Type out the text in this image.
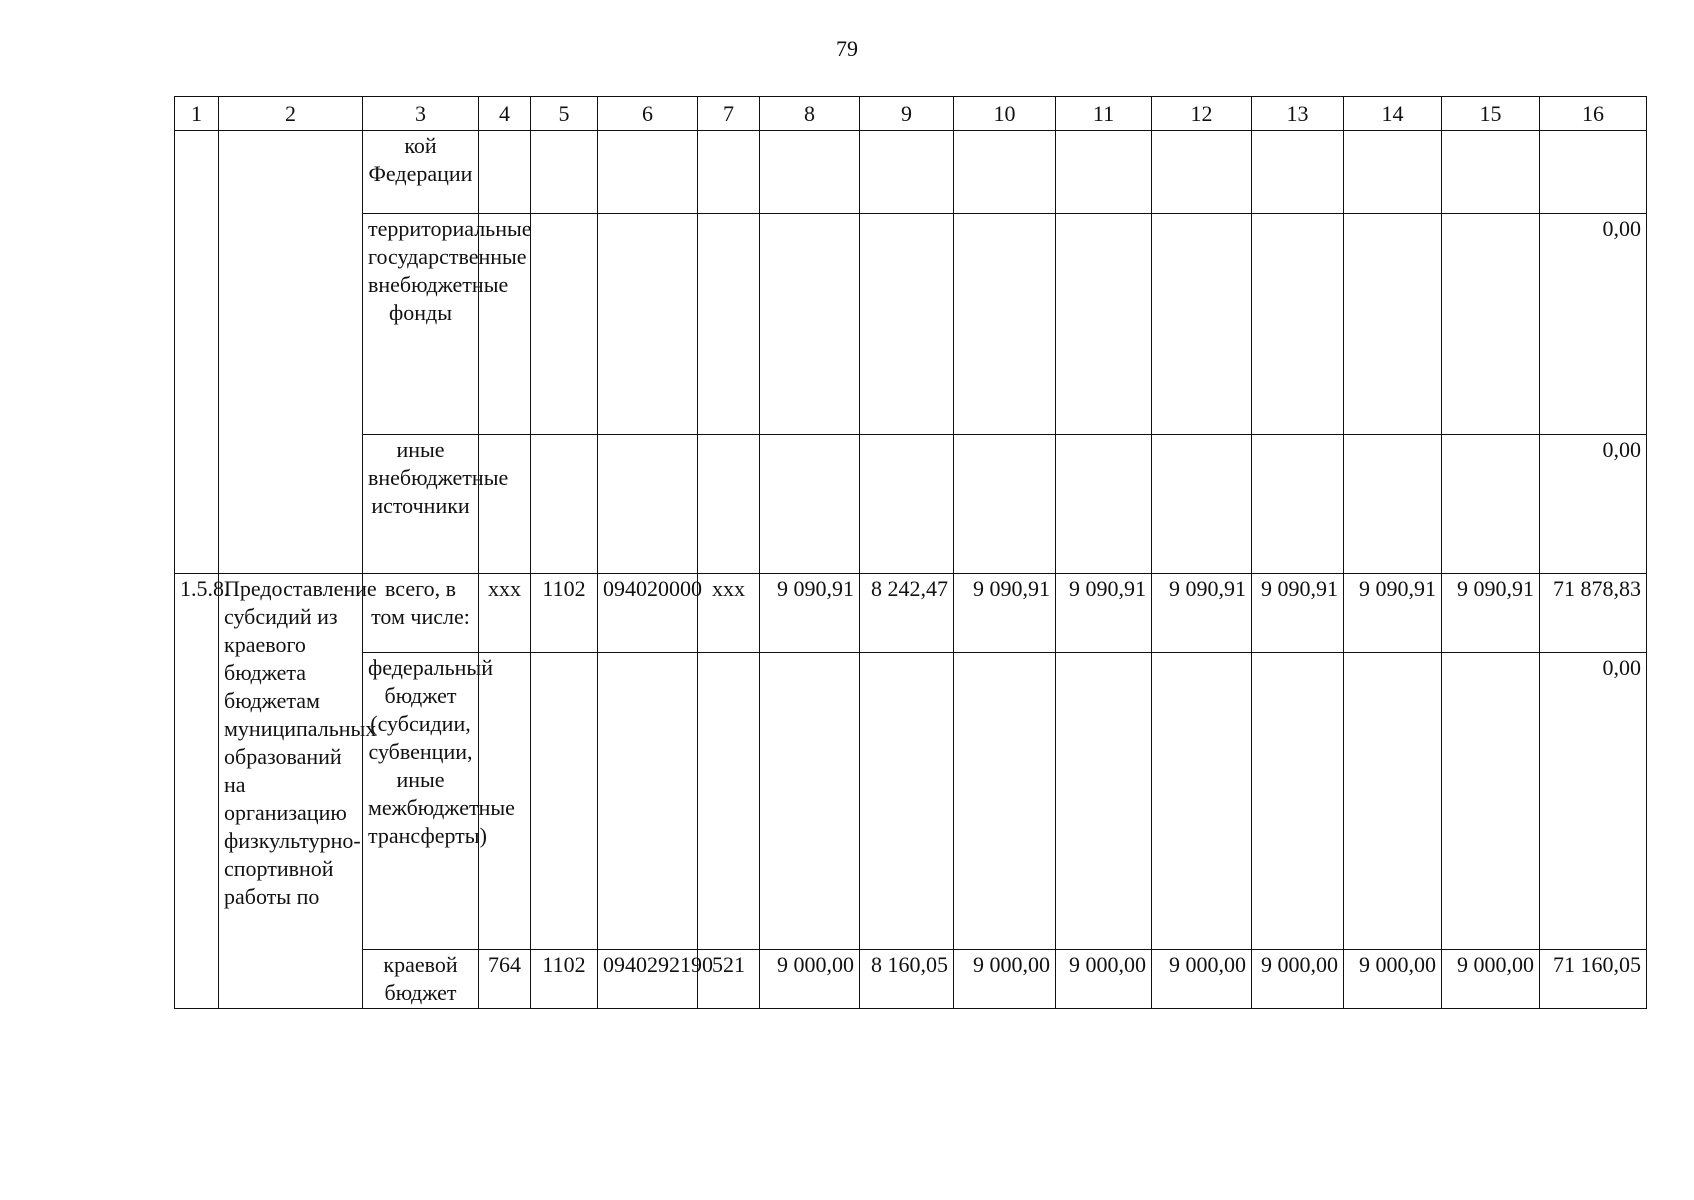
79
1	2	3	4	5	6	7	8	9	10	11	12	13	14	15	16
		кой Федерации													
		территориальные государственные внебюджетные фонды													0,00
		иные внебюджетные источники													0,00
1.5.8.	Предоставление субсидий из краевого бюджета бюджетам муниципальных образований на организацию физкультурно-спортивной работы по	всего, в том числе:	ххх	1102	094020000	ххх	9 090,91	8 242,47	9 090,91	9 090,91	9 090,91	9 090,91	9 090,91	9 090,91	71 878,83
		федеральный бюджет (субсидии, субвенции, иные межбюджетные трансферты)													0,00
		краевой бюджет	764	1102	0940292190	521	9 000,00	8 160,05	9 000,00	9 000,00	9 000,00	9 000,00	9 000,00	9 000,00	71 160,05
